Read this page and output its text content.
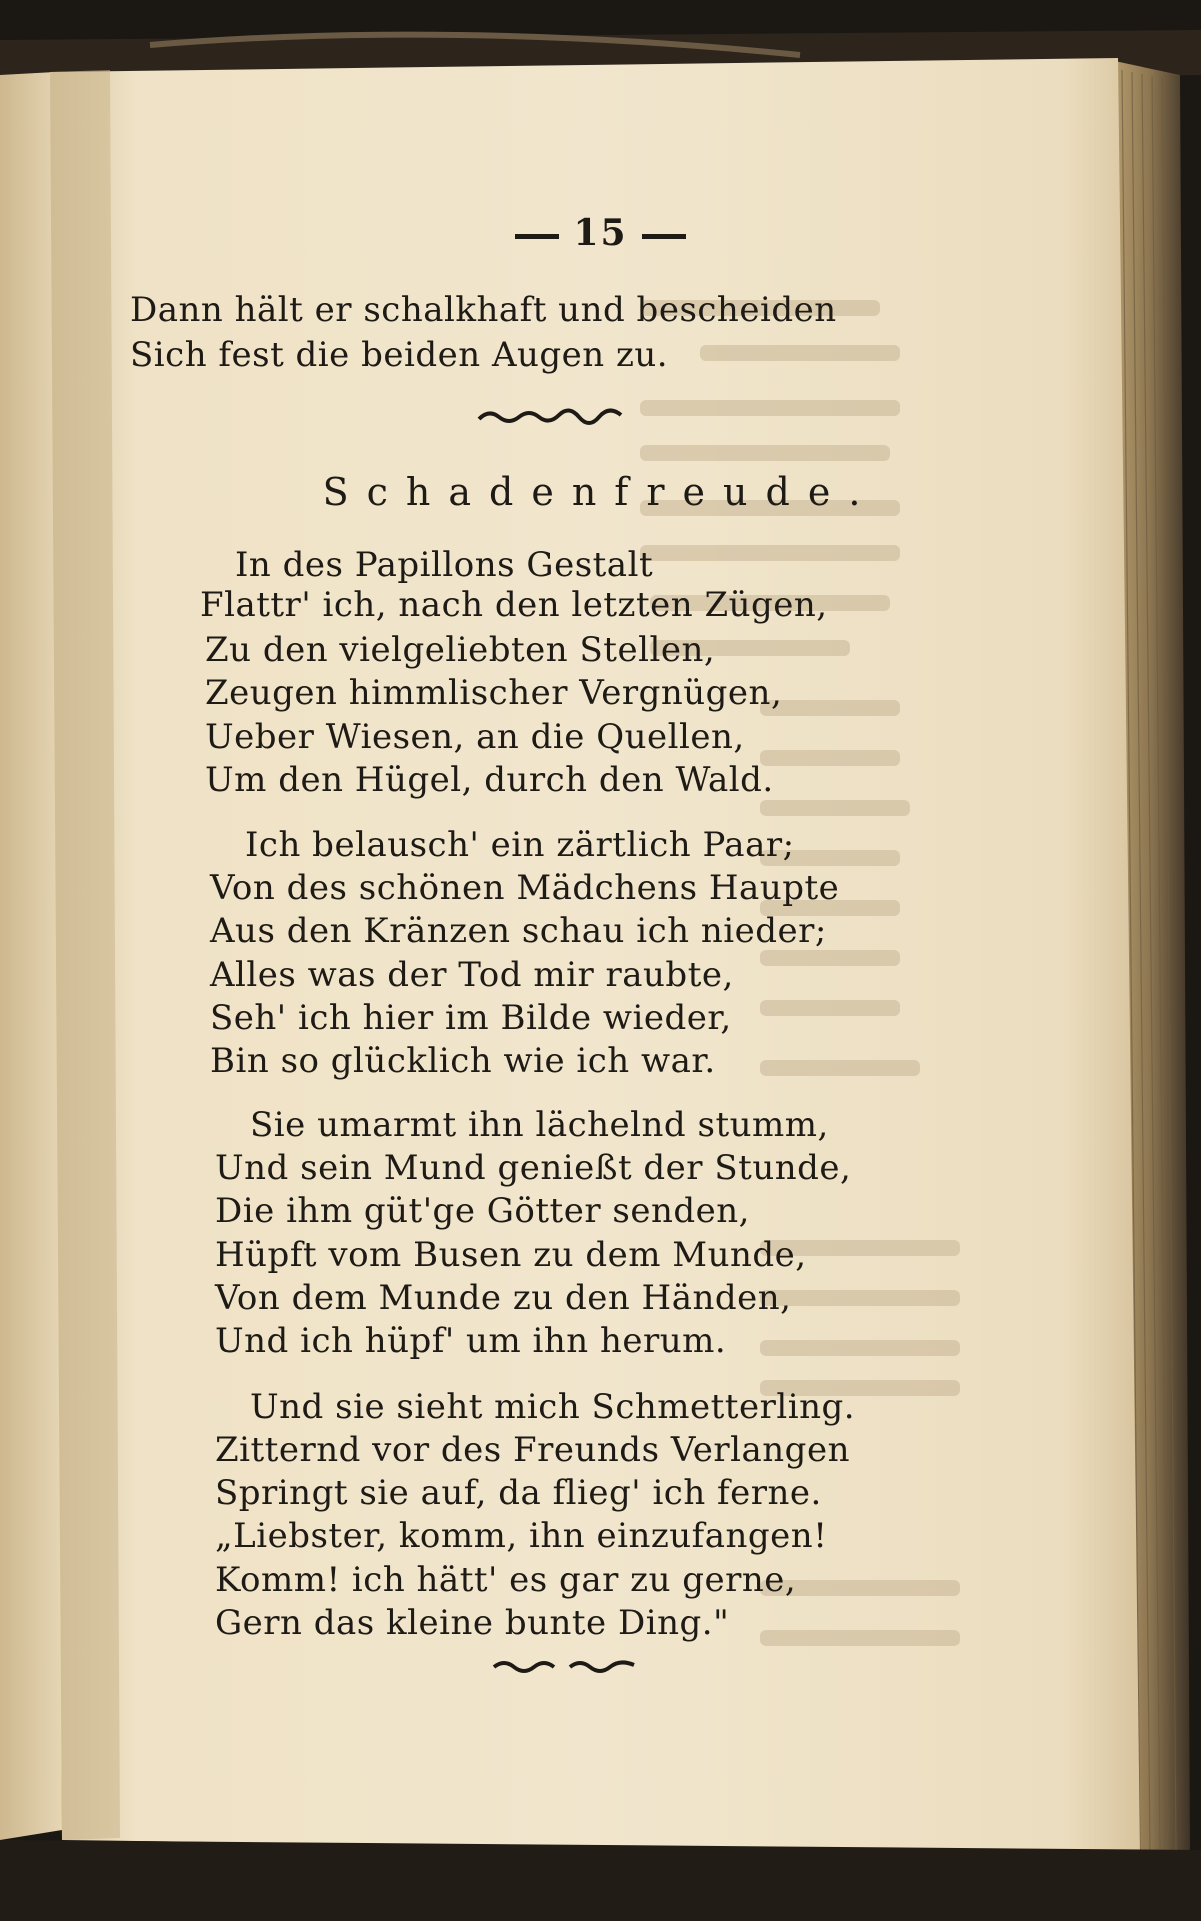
15
Dann hält er schalkhaft und bescheiden
Sich fest die beiden Augen zu.
Schadenfreude.
In des Papillons Gestalt
Flattr' ich, nach den letzten Zügen,
Zu den vielgeliebten Stellen,
Zeugen himmlischer Vergnügen,
Ueber Wiesen, an die Quellen,
Um den Hügel, durch den Wald.
Ich belausch' ein zärtlich Paar;
Von des schönen Mädchens Haupte
Aus den Kränzen schau ich nieder;
Alles was der Tod mir raubte,
Seh' ich hier im Bilde wieder,
Bin so glücklich wie ich war.
Sie umarmt ihn lächelnd stumm,
Und sein Mund genießt der Stunde,
Die ihm güt'ge Götter senden,
Hüpft vom Busen zu dem Munde,
Von dem Munde zu den Händen,
Und ich hüpf' um ihn herum.
Und sie sieht mich Schmetterling.
Zitternd vor des Freunds Verlangen
Springt sie auf, da flieg' ich ferne.
„Liebster, komm, ihn einzufangen!
Komm! ich hätt' es gar zu gerne,
Gern das kleine bunte Ding."
